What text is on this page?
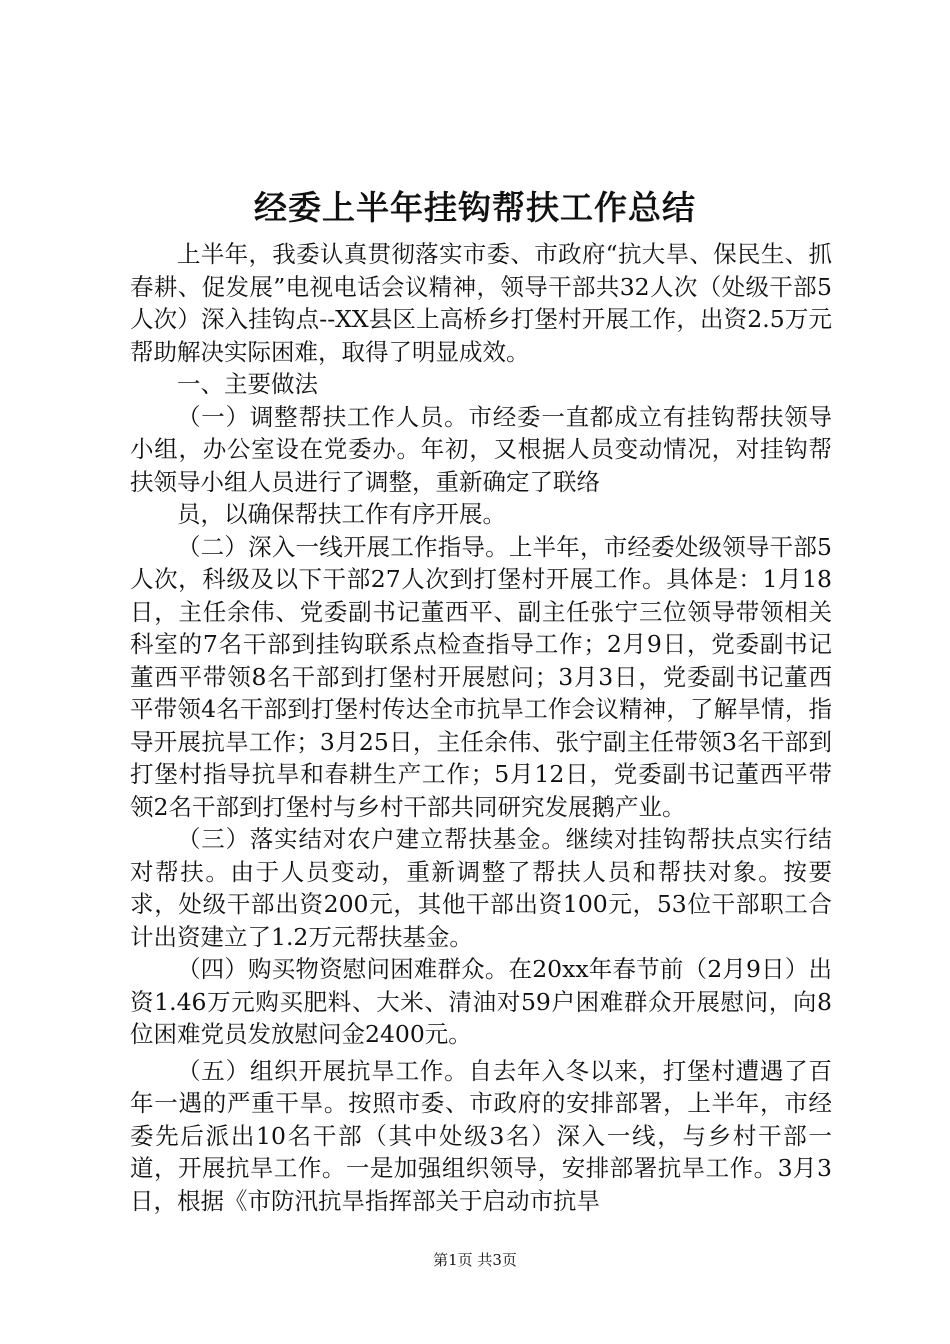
经委上半年挂钩帮扶工作总结

上半年，我委认真贯彻落实市委、市政府“抗大旱、保民生、抓春耕、促发展”电视电话会议精神，领导干部共32人次（处级干部5人次）深入挂钩点--XX县区上高桥乡打堡村开展工作，出资2.5万元帮助解决实际困难，取得了明显成效。

一、主要做法

（一）调整帮扶工作人员。市经委一直都成立有挂钩帮扶领导小组，办公室设在党委办。年初，又根据人员变动情况，对挂钩帮扶领导小组人员进行了调整，重新确定了联络

员，以确保帮扶工作有序开展。

（二）深入一线开展工作指导。上半年，市经委处级领导干部5人次，科级及以下干部27人次到打堡村开展工作。具体是：1月18日，主任余伟、党委副书记董西平、副主任张宁三位领导带领相关科室的7名干部到挂钩联系点检查指导工作；2月9日，党委副书记董西平带领8名干部到打堡村开展慰问；3月3日，党委副书记董西平带领4名干部到打堡村传达全市抗旱工作会议精神，了解旱情，指导开展抗旱工作；3月25日，主任余伟、张宁副主任带领3名干部到打堡村指导抗旱和春耕生产工作；5月12日，党委副书记董西平带领2名干部到打堡村与乡村干部共同研究发展鹅产业。

（三）落实结对农户建立帮扶基金。继续对挂钩帮扶点实行结对帮扶。由于人员变动，重新调整了帮扶人员和帮扶对象。按要求，处级干部出资200元，其他干部出资100元，53位干部职工合计出资建立了1.2万元帮扶基金。

（四）购买物资慰问困难群众。在20xx年春节前（2月9日）出资1.46万元购买肥料、大米、清油对59户困难群众开展慰问，向8位困难党员发放慰问金2400元。

（五）组织开展抗旱工作。自去年入冬以来，打堡村遭遇了百年一遇的严重干旱。按照市委、市政府的安排部署，上半年，市经委先后派出10名干部（其中处级3名）深入一线，与乡村干部一道，开展抗旱工作。一是加强组织领导，安排部署抗旱工作。3月3日，根据《市防汛抗旱指挥部关于启动市抗旱

第1页 共3页
